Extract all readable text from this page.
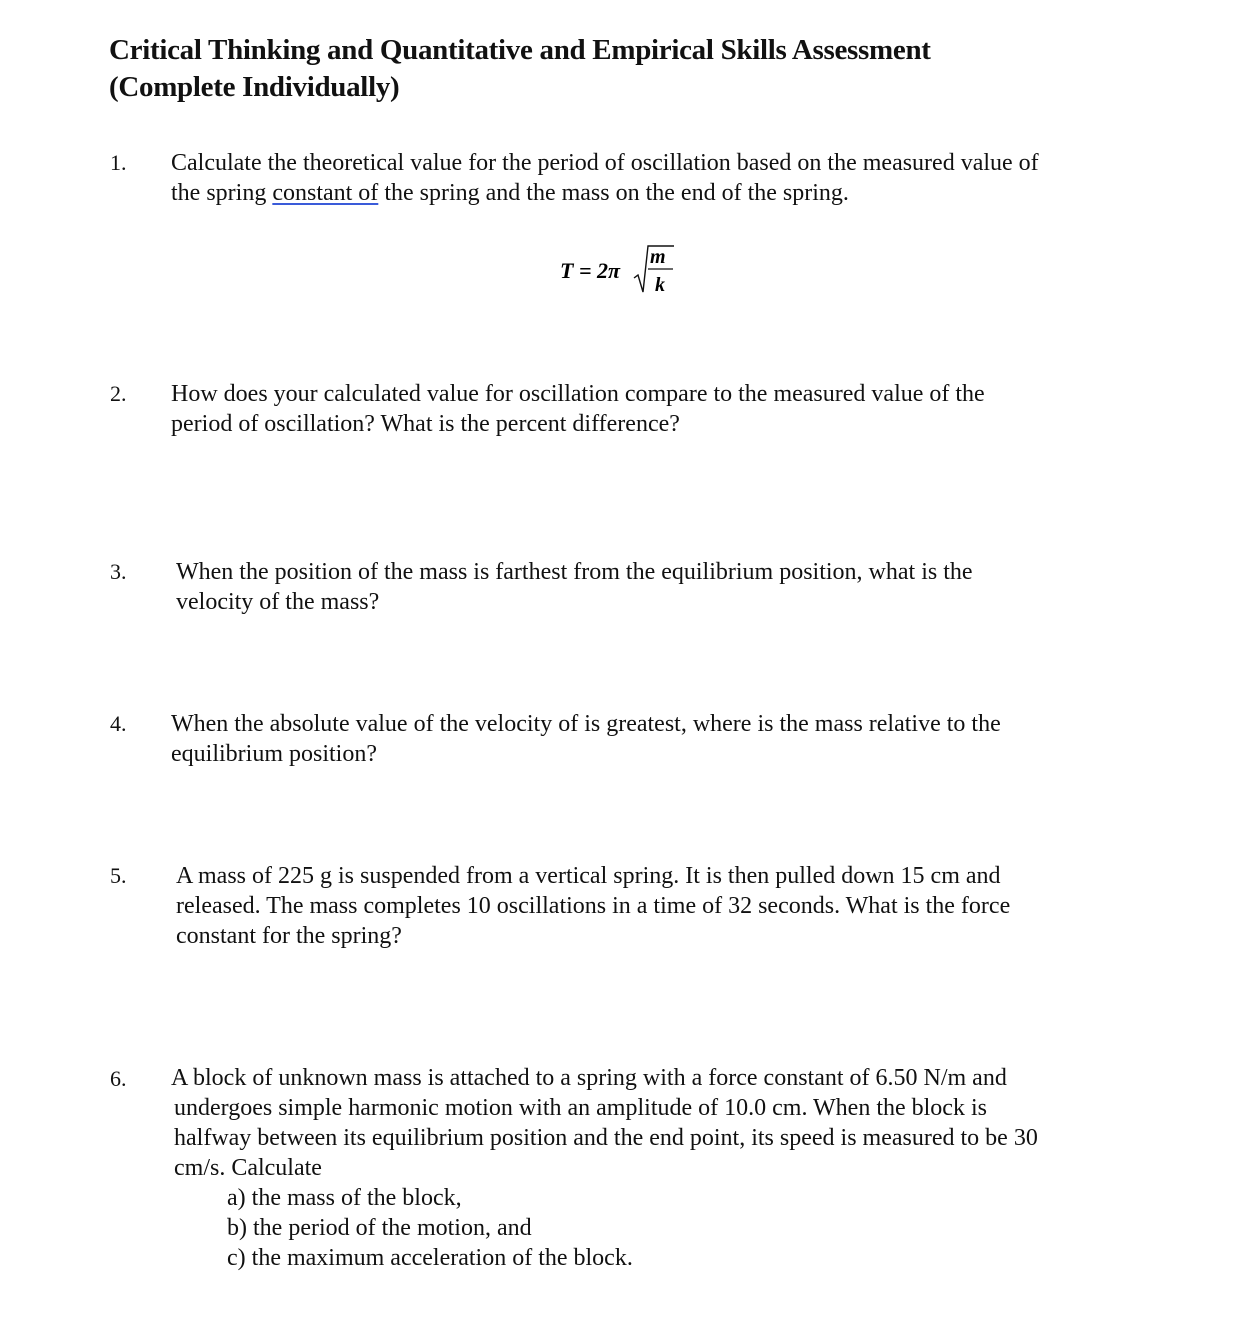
Critical Thinking and Quantitative and Empirical Skills Assessment
(Complete Individually)
1. Calculate the theoretical value for the period of oscillation based on the measured value of
the spring constant of the spring and the mass on the end of the spring.
T = 2π
m
k
2. How does your calculated value for oscillation compare to the measured value of the
period of oscillation? What is the percent difference?
3. When the position of the mass is farthest from the equilibrium position, what is the
velocity of the mass?
4. When the absolute value of the velocity of is greatest, where is the mass relative to the
equilibrium position?
5. A mass of 225 g is suspended from a vertical spring. It is then pulled down 15 cm and
released. The mass completes 10 oscillations in a time of 32 seconds. What is the force
constant for the spring?
6. A block of unknown mass is attached to a spring with a force constant of 6.50 N/m and
undergoes simple harmonic motion with an amplitude of 10.0 cm. When the block is
halfway between its equilibrium position and the end point, its speed is measured to be 30
cm/s. Calculate
a) the mass of the block,
b) the period of the motion, and
c) the maximum acceleration of the block.
